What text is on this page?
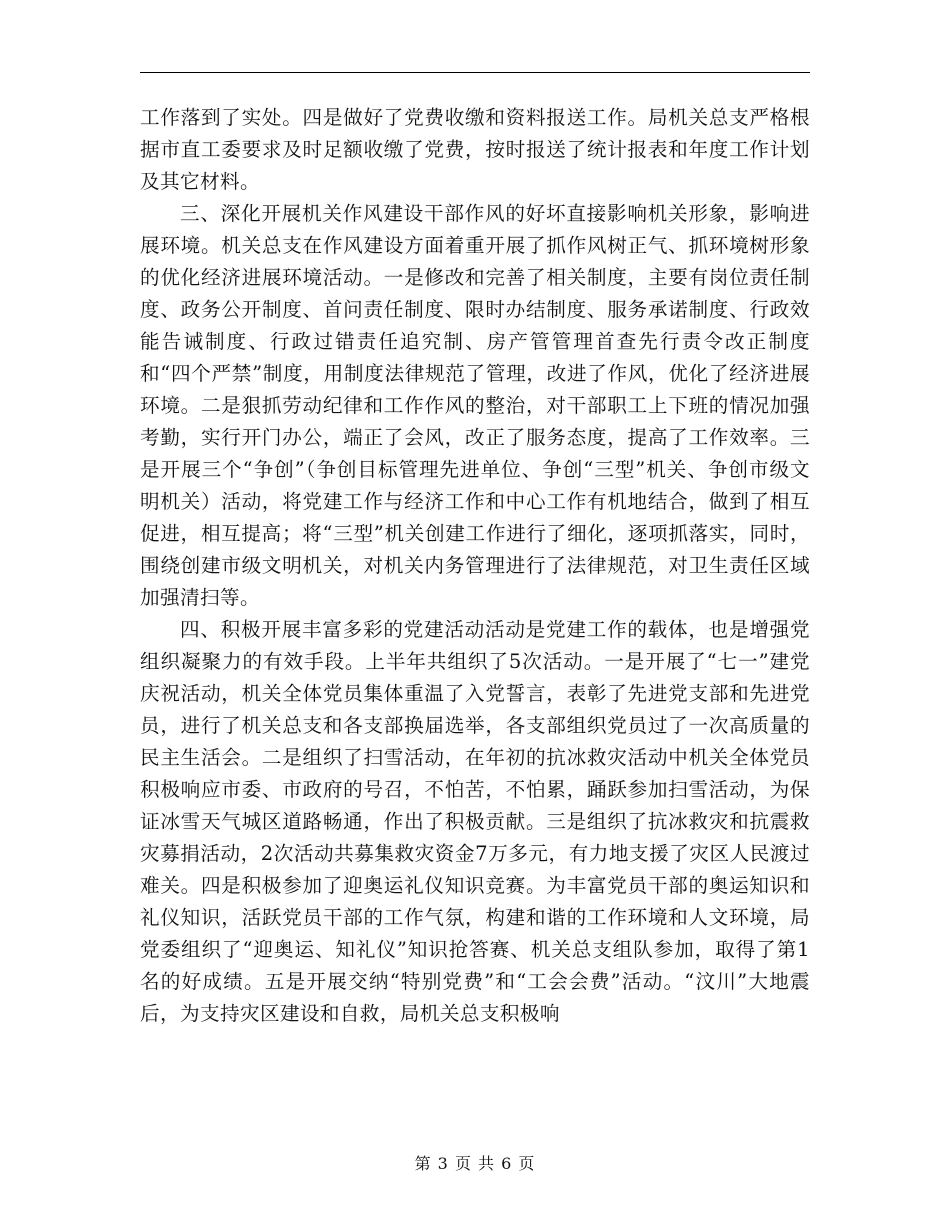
工作落到了实处。四是做好了党费收缴和资料报送工作。局机关总支严格根据市直工委要求及时足额收缴了党费，按时报送了统计报表和年度工作计划及其它材料。

三、深化开展机关作风建设干部作风的好坏直接影响机关形象，影响进展环境。机关总支在作风建设方面着重开展了抓作风树正气、抓环境树形象的优化经济进展环境活动。一是修改和完善了相关制度，主要有岗位责任制度、政务公开制度、首问责任制度、限时办结制度、服务承诺制度、行政效能告诫制度、行政过错责任追究制、房产管管理首查先行责令改正制度和“四个严禁”制度，用制度法律规范了管理，改进了作风，优化了经济进展环境。二是狠抓劳动纪律和工作作风的整治，对干部职工上下班的情况加强考勤，实行开门办公，端正了会风，改正了服务态度，提高了工作效率。三是开展三个“争创”（争创目标管理先进单位、争创“三型”机关、争创市级文明机关）活动，将党建工作与经济工作和中心工作有机地结合，做到了相互促进，相互提高；将“三型”机关创建工作进行了细化，逐项抓落实，同时，围绕创建市级文明机关，对机关内务管理进行了法律规范，对卫生责任区域加强清扫等。

四、积极开展丰富多彩的党建活动活动是党建工作的载体，也是增强党组织凝聚力的有效手段。上半年共组织了5次活动。一是开展了“七一”建党庆祝活动，机关全体党员集体重温了入党誓言，表彰了先进党支部和先进党员，进行了机关总支和各支部换届选举，各支部组织党员过了一次高质量的民主生活会。二是组织了扫雪活动，在年初的抗冰救灾活动中机关全体党员积极响应市委、市政府的号召，不怕苦，不怕累，踊跃参加扫雪活动，为保证冰雪天气城区道路畅通，作出了积极贡献。三是组织了抗冰救灾和抗震救灾募捐活动，2次活动共募集救灾资金7万多元，有力地支援了灾区人民渡过难关。四是积极参加了迎奥运礼仪知识竞赛。为丰富党员干部的奥运知识和礼仪知识，活跃党员干部的工作气氛，构建和谐的工作环境和人文环境，局党委组织了“迎奥运、知礼仪”知识抢答赛、机关总支组队参加，取得了第1名的好成绩。五是开展交纳“特别党费”和“工会会费”活动。“汶川”大地震后，为支持灾区建设和自救，局机关总支积极响

第 3 页 共 6 页
